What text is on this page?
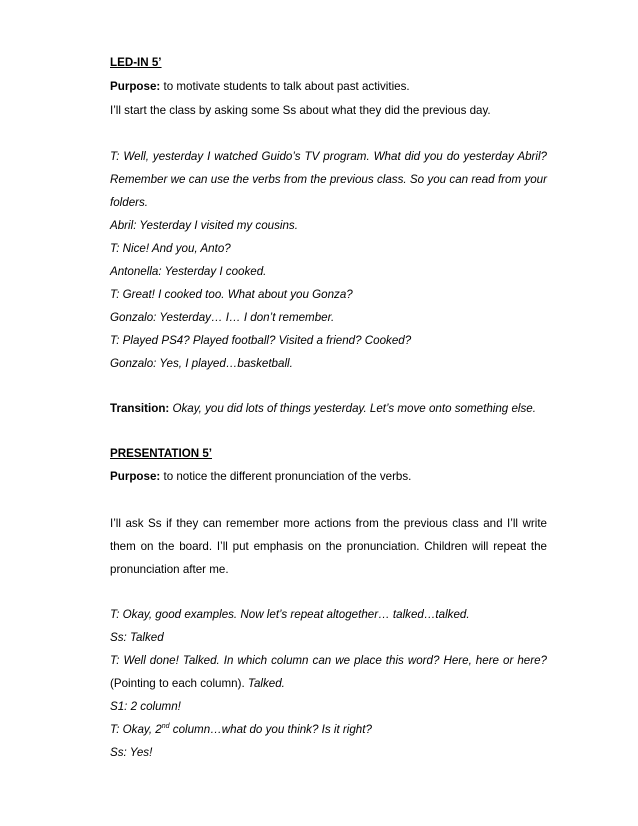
LED-IN 5’
Purpose: to motivate students to talk about past activities.
I’ll start the class by asking some Ss about what they did the previous day.
T: Well, yesterday I watched Guido’s TV program. What did you do yesterday Abril?
Remember we can use the verbs from the previous class. So you can read from your
folders.
Abril: Yesterday I visited my cousins.
T: Nice! And you, Anto?
Antonella: Yesterday I cooked.
T: Great! I cooked too. What about you Gonza?
Gonzalo: Yesterday… I… I don’t remember.
T: Played PS4? Played football? Visited a friend? Cooked?
Gonzalo: Yes, I played…basketball.
Transition: Okay, you did lots of things yesterday. Let’s move onto something else.
PRESENTATION 5’
Purpose: to notice the different pronunciation of the verbs.
I’ll ask Ss if they can remember more actions from the previous class and I’ll write
them on the board. I’ll put emphasis on the pronunciation. Children will repeat the
pronunciation after me.
T: Okay, good examples. Now let’s repeat altogether… talked…talked.
Ss: Talked
T: Well done! Talked. In which column can we place this word? Here, here or here?
(Pointing to each column). Talked.
S1: 2 column!
T: Okay, 2nd column…what do you think? Is it right?
Ss: Yes!
